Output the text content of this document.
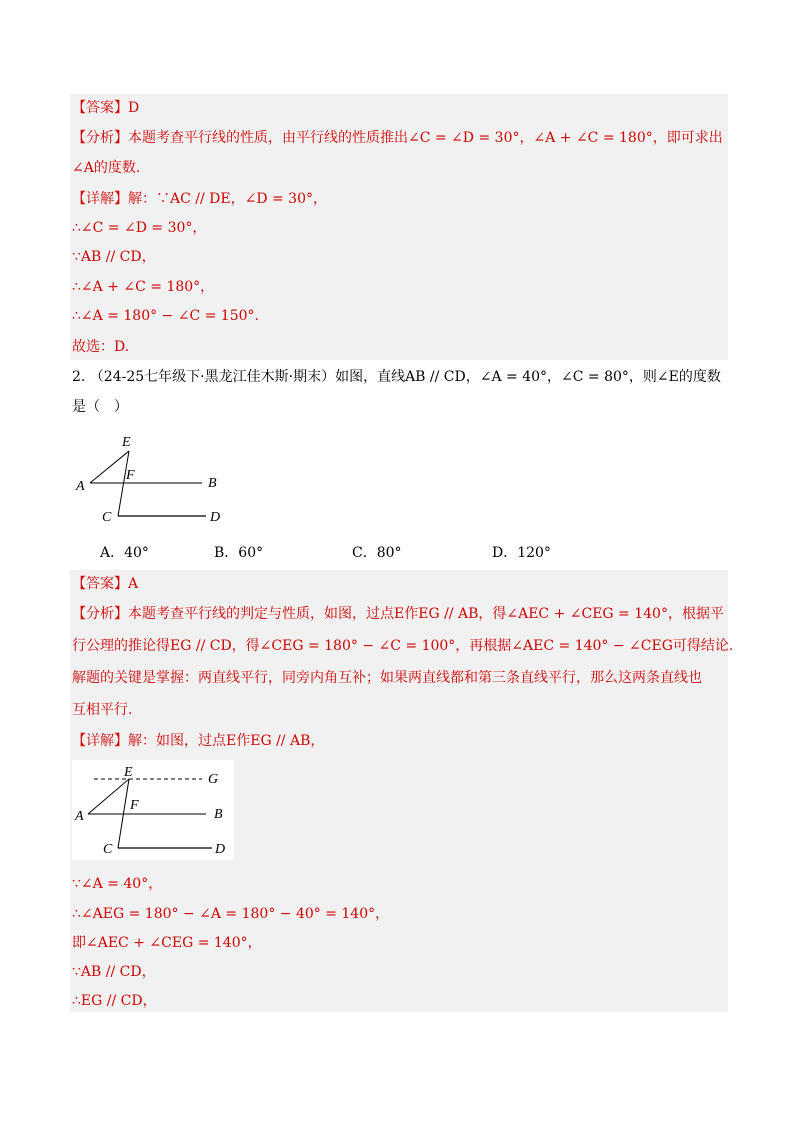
【答案】D
【分析】本题考查平行线的性质，由平行线的性质推出∠C = ∠D = 30°，∠A + ∠C = 180°，即可求出
∠A的度数.
【详解】解：∵AC // DE，∠D = 30°，
∴∠C = ∠D = 30°，
∵AB // CD，
∴∠A + ∠C = 180°，
∴∠A = 180° − ∠C = 150°.
故选：D.
2. （24-25七年级下·黑龙江佳木斯·期末）如图，直线AB // CD，∠A = 40°，∠C = 80°，则∠E的度数
是（　）
E
F
A	B
C	D
A．40°	B．60°	C．80°	D．120°
【答案】A
【分析】本题考查平行线的判定与性质，如图，过点E作EG // AB，得∠AEC + ∠CEG = 140°，根据平
行公理的推论得EG // CD，得∠CEG = 180° − ∠C = 100°，再根据∠AEC = 140° − ∠CEG可得结论.
解题的关键是掌握：两直线平行，同旁内角互补；如果两直线都和第三条直线平行，那么这两条直线也
互相平行.
【详解】解：如图，过点E作EG // AB，
E	G
F
A	B
C	D
∵∠A = 40°，
∴∠AEG = 180° − ∠A = 180° − 40° = 140°，
即∠AEC + ∠CEG = 140°，
∵AB // CD，
∴EG // CD，
